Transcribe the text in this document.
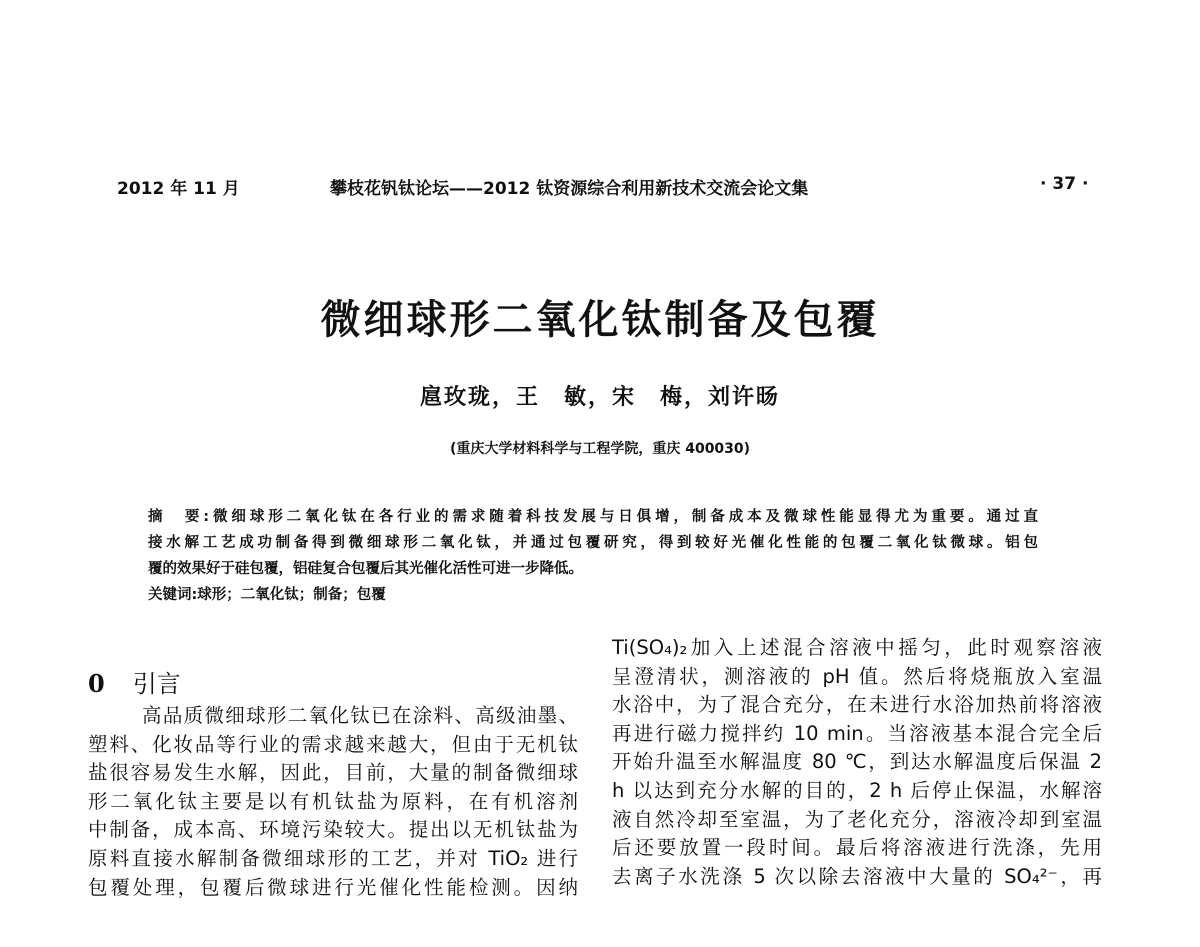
2012 年 11 月	攀枝花钒钛论坛——2012 钛资源综合利用新技术交流会论文集	· 37 ·
微细球形二氧化钛制备及包覆
扈玫珑，王　敏，宋　梅，刘许旸
(重庆大学材料科学与工程学院，重庆 400030)
摘　要:微细球形二氧化钛在各行业的需求随着科技发展与日俱增，制备成本及微球性能显得尤为重要。通过直
接水解工艺成功制备得到微细球形二氧化钛，并通过包覆研究，得到较好光催化性能的包覆二氧化钛微球。铝包
覆的效果好于硅包覆，铝硅复合包覆后其光催化活性可进一步降低。
关键词:球形；二氧化钛；制备；包覆
0 引言
高品质微细球形二氧化钛已在涂料、高级油墨、
塑料、化妆品等行业的需求越来越大，但由于无机钛
盐很容易发生水解，因此，目前，大量的制备微细球
形二氧化钛主要是以有机钛盐为原料，在有机溶剂
中制备，成本高、环境污染较大。提出以无机钛盐为
原料直接水解制备微细球形的工艺，并对 TiO₂ 进行
包覆处理，包覆后微球进行光催化性能检测。因纳
Ti(SO₄)₂加入上述混合溶液中摇匀，此时观察溶液
呈澄清状，测溶液的 pH 值。然后将烧瓶放入室温
水浴中，为了混合充分，在未进行水浴加热前将溶液
再进行磁力搅拌约 10 min。当溶液基本混合完全后
开始升温至水解温度 80 ℃，到达水解温度后保温 2
h 以达到充分水解的目的，2 h 后停止保温，水解溶
液自然冷却至室温，为了老化充分，溶液冷却到室温
后还要放置一段时间。最后将溶液进行洗涤，先用
去离子水洗涤 5 次以除去溶液中大量的 SO₄²⁻，再
